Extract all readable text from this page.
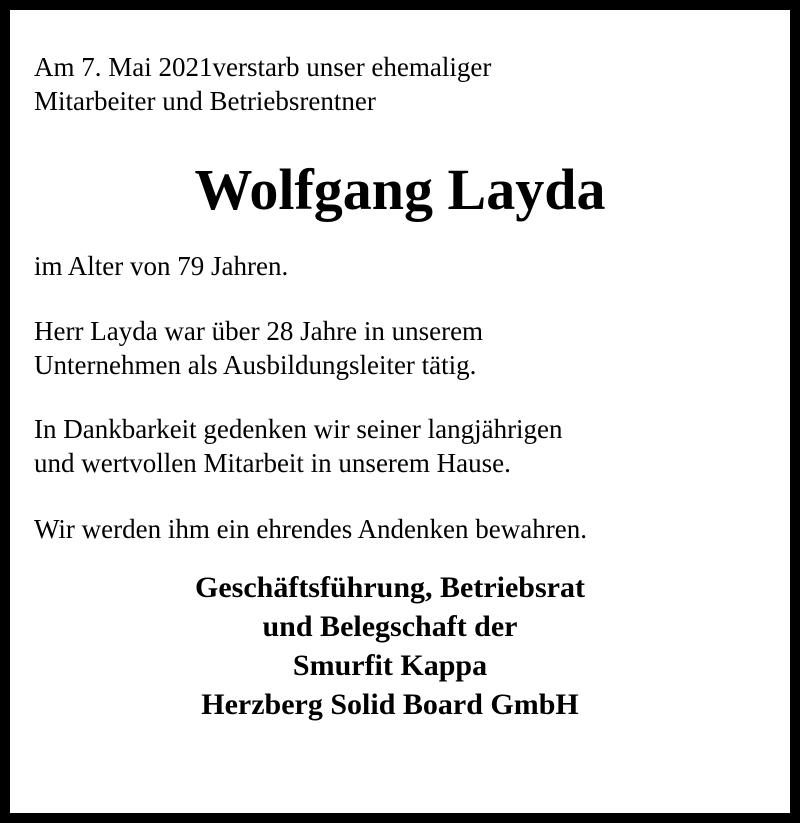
Am 7. Mai 2021verstarb unser ehemaliger
Mitarbeiter und Betriebsrentner

Wolfgang Layda

im Alter von 79 Jahren.

Herr Layda war über 28 Jahre in unserem
Unternehmen als Ausbildungsleiter tätig.

In Dankbarkeit gedenken wir seiner langjährigen
und wertvollen Mitarbeit in unserem Hause.

Wir werden ihm ein ehrendes Andenken bewahren.

Geschäftsführung, Betriebsrat
und Belegschaft der
Smurfit Kappa
Herzberg Solid Board GmbH
